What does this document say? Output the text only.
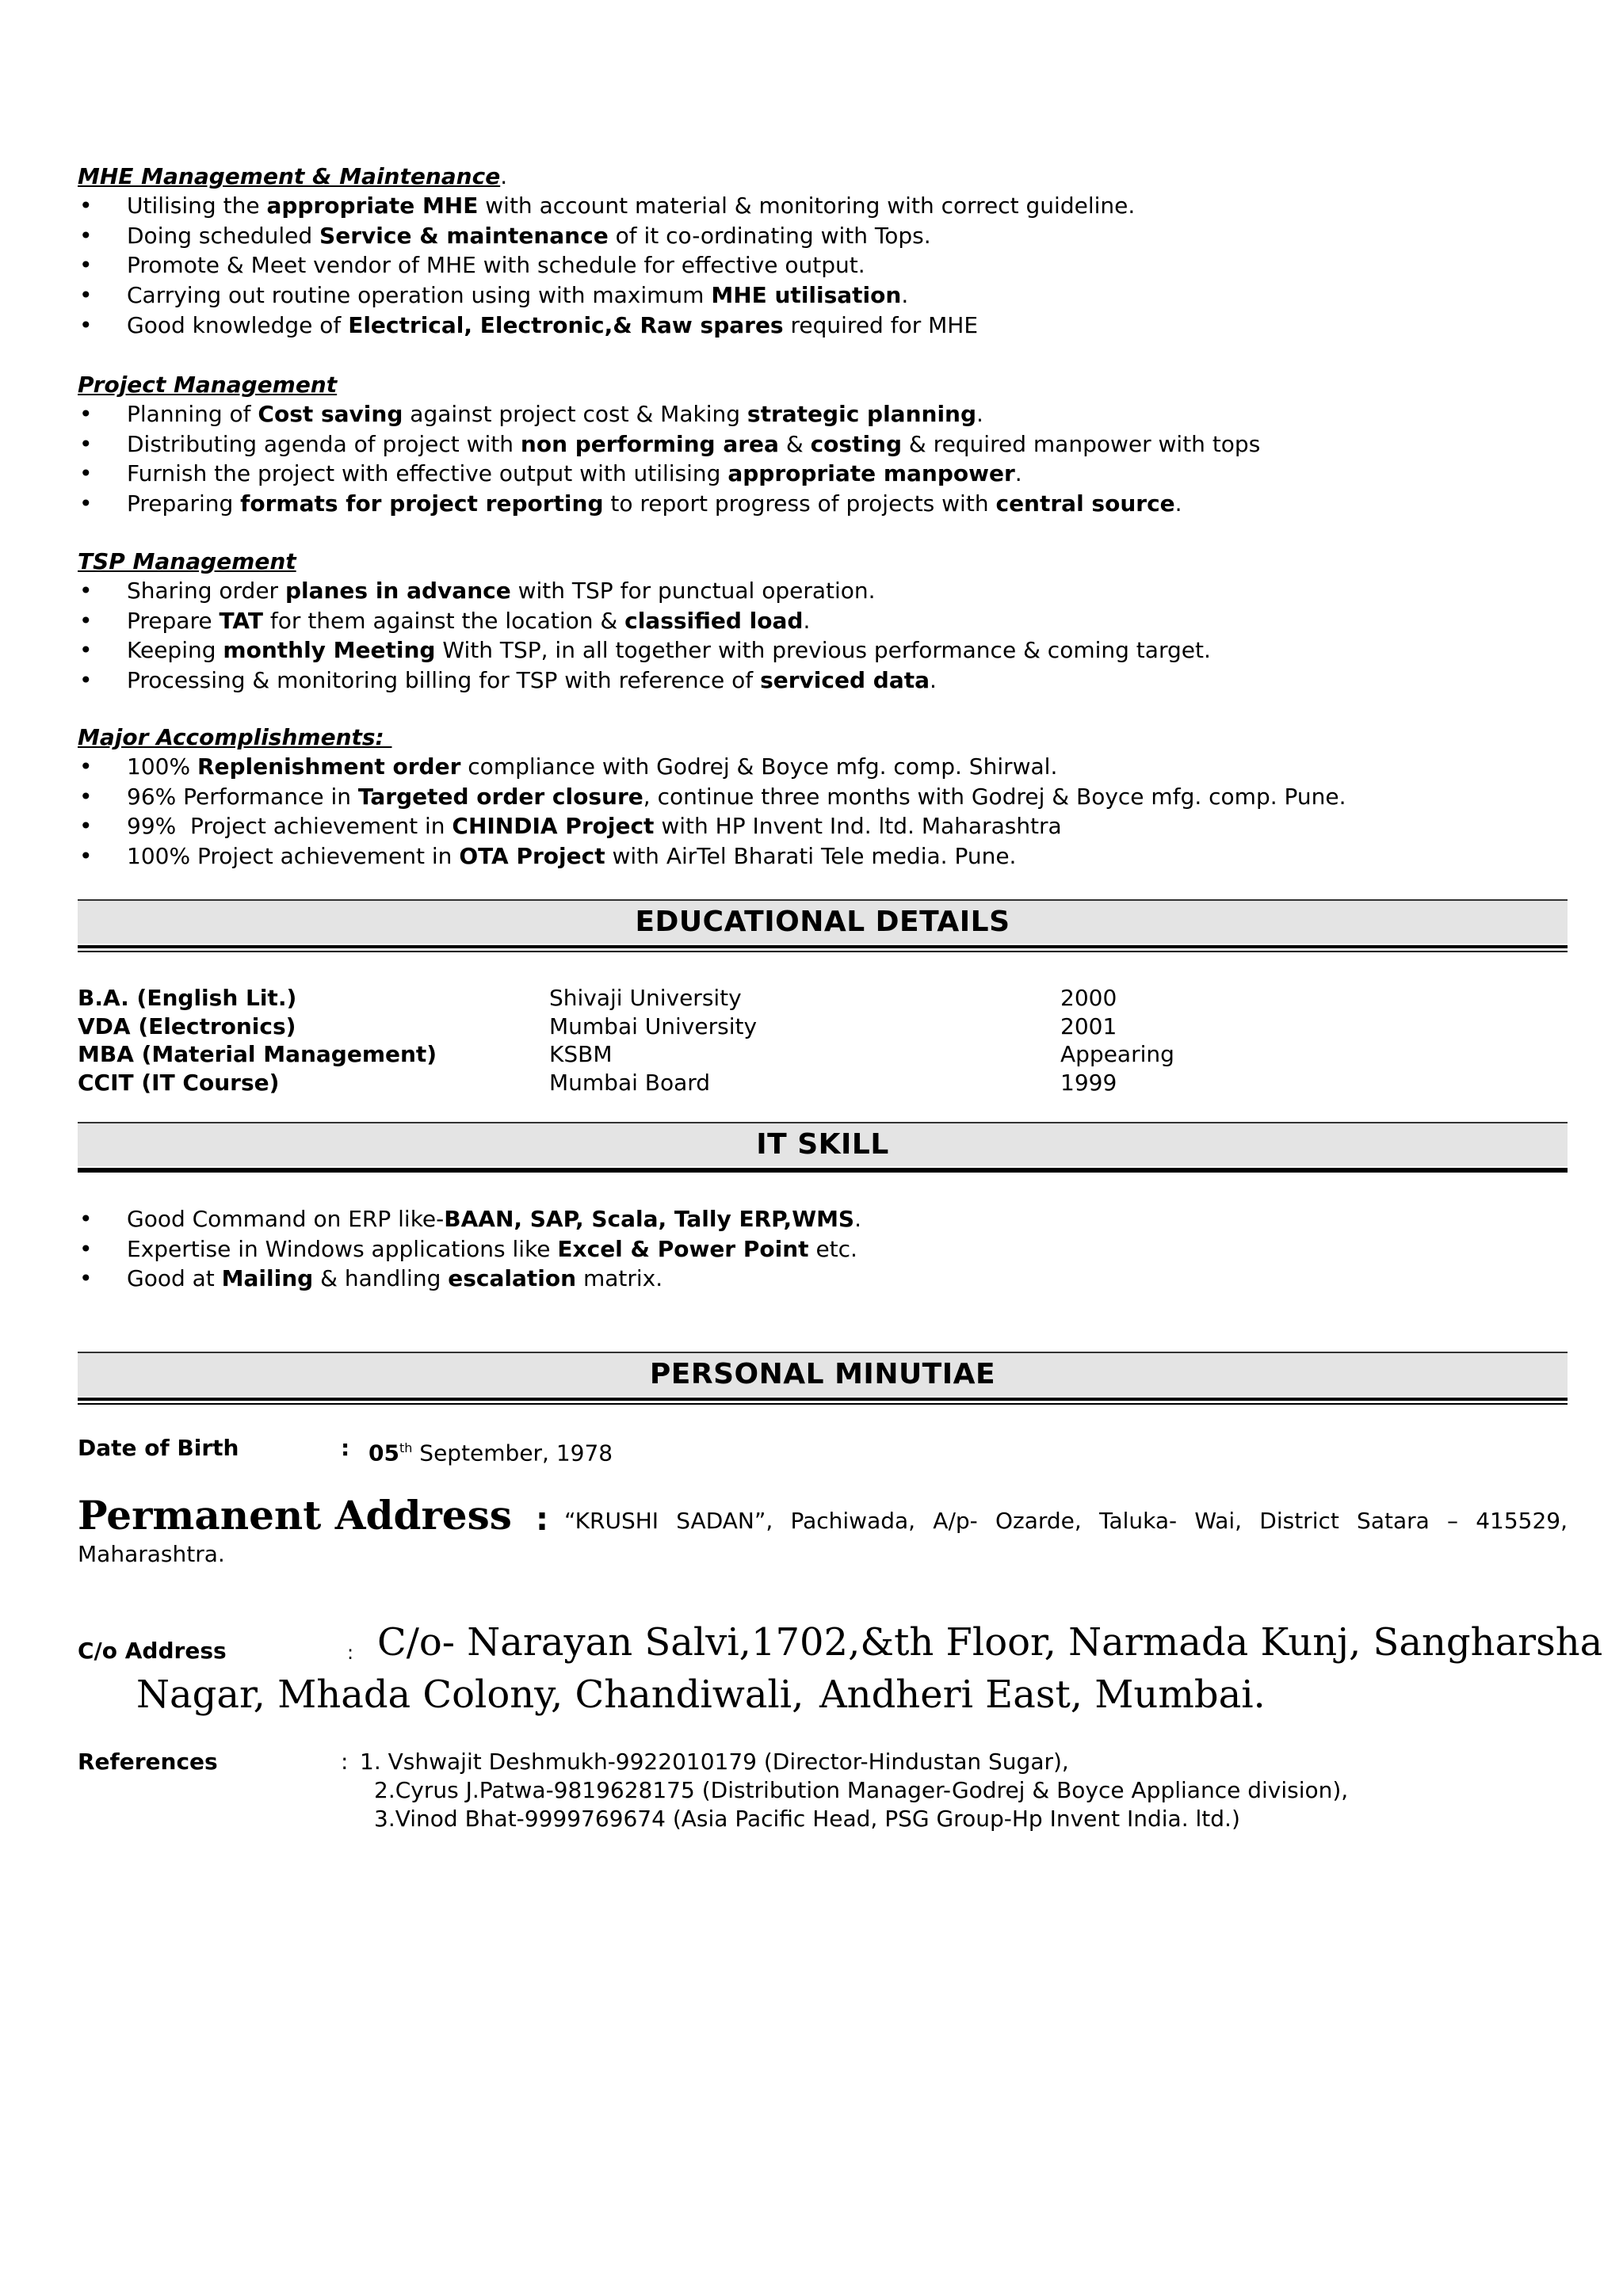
MHE Management & Maintenance.
• Utilising the appropriate MHE with account material & monitoring with correct guideline.
• Doing scheduled Service & maintenance of it co-ordinating with Tops.
• Promote & Meet vendor of MHE with schedule for effective output.
• Carrying out routine operation using with maximum MHE utilisation.
• Good knowledge of Electrical, Electronic,& Raw spares required for MHE
Project Management
• Planning of Cost saving against project cost & Making strategic planning.
• Distributing agenda of project with non performing area & costing & required manpower with tops
• Furnish the project with effective output with utilising appropriate manpower.
• Preparing formats for project reporting to report progress of projects with central source.
TSP Management
• Sharing order planes in advance with TSP for punctual operation.
• Prepare TAT for them against the location & classified load.
• Keeping monthly Meeting With TSP, in all together with previous performance & coming target.
• Processing & monitoring billing for TSP with reference of serviced data.
Major Accomplishments:
• 100% Replenishment order compliance with Godrej & Boyce mfg. comp. Shirwal.
• 96% Performance in Targeted order closure, continue three months with Godrej & Boyce mfg. comp. Pune.
• 99%  Project achievement in CHINDIA Project with HP Invent Ind. ltd. Maharashtra
• 100% Project achievement in OTA Project with AirTel Bharati Tele media. Pune.
EDUCATIONAL DETAILS
B.A. (English Lit.)	Shivaji University	2000
VDA (Electronics)	Mumbai University	2001
MBA (Material Management)	KSBM	Appearing
CCIT (IT Course)	Mumbai Board	1999
IT SKILL
• Good Command on ERP like-BAAN, SAP, Scala, Tally ERP,WMS.
• Expertise in Windows applications like Excel & Power Point etc.
• Good at Mailing & handling escalation matrix.
PERSONAL MINUTIAE
Date of Birth	: 05th September, 1978
Permanent Address : “KRUSHI SADAN”, Pachiwada, A/p- Ozarde, Taluka- Wai, District Satara – 415529,
Maharashtra.
C/o Address	: C/o- Narayan Salvi,1702,&th Floor, Narmada Kunj, Sangharsha
Nagar, Mhada Colony, Chandiwali, Andheri East, Mumbai.
References	: 1. Vshwajit Deshmukh-9922010179 (Director-Hindustan Sugar),
2.Cyrus J.Patwa-9819628175 (Distribution Manager-Godrej & Boyce Appliance division),
3.Vinod Bhat-9999769674 (Asia Pacific Head, PSG Group-Hp Invent India. ltd.)
